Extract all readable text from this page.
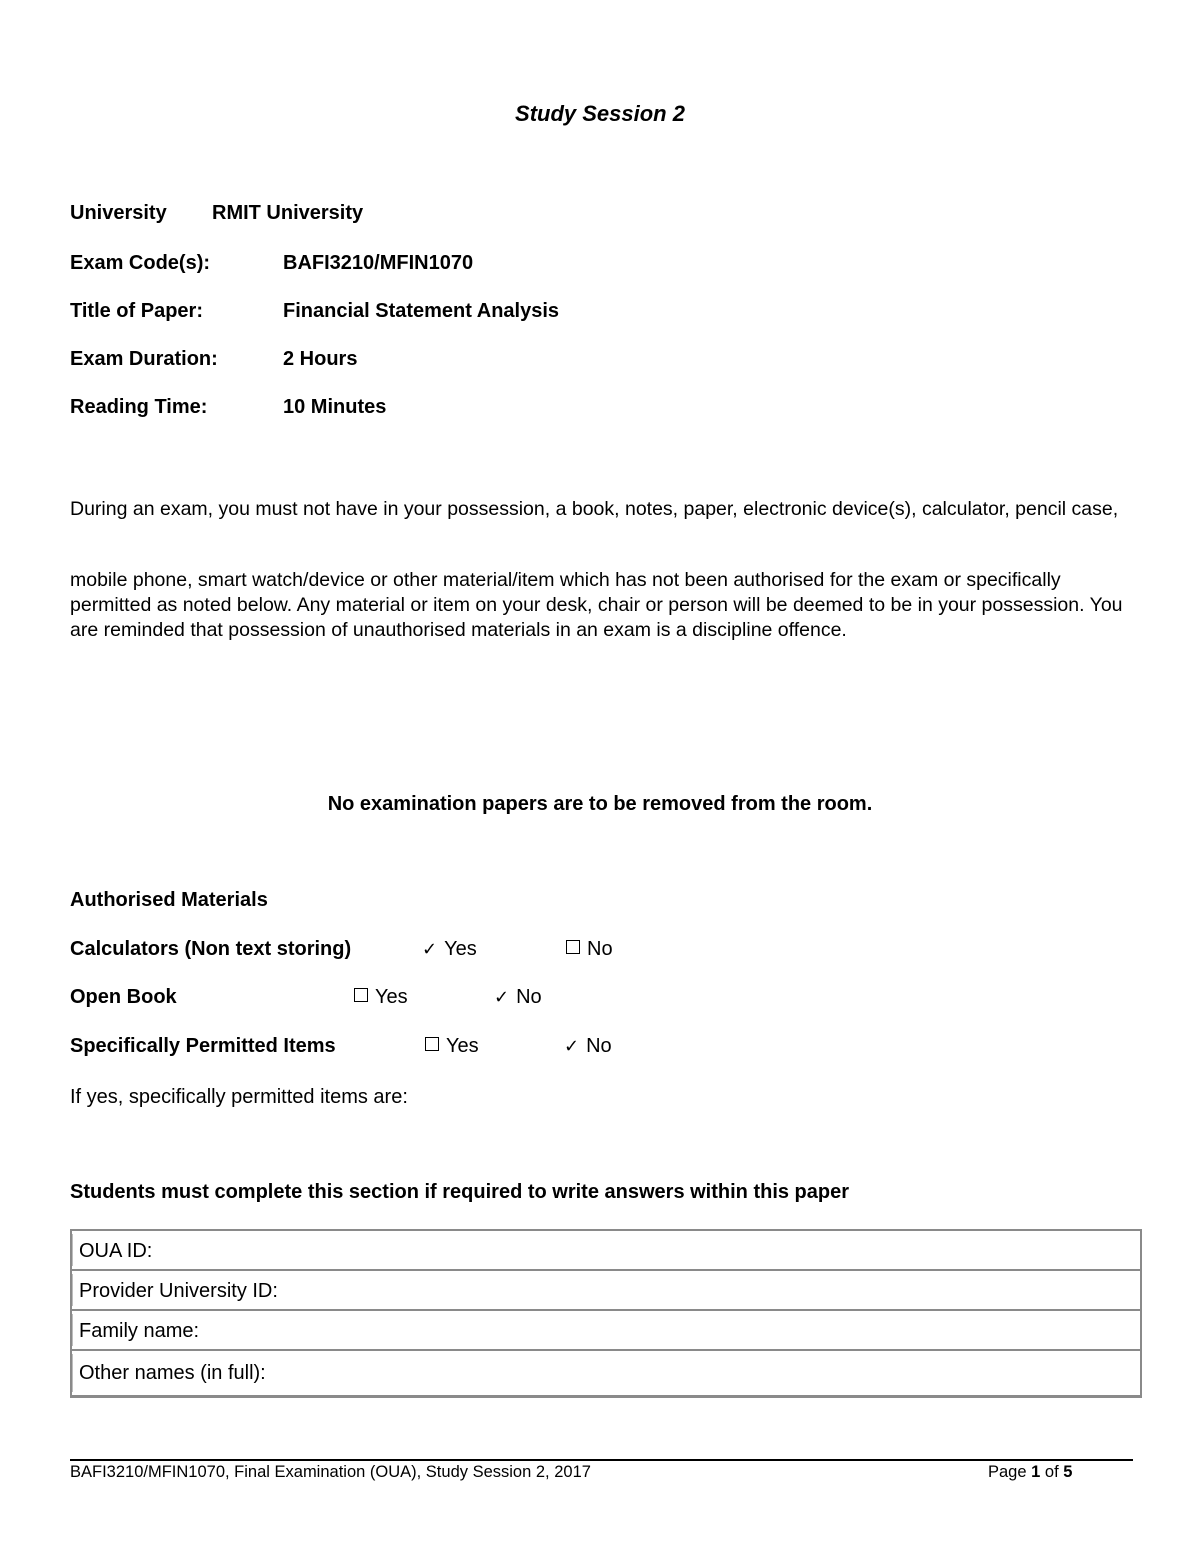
Study Session 2
University RMIT University
Exam Code(s):	BAFI3210/MFIN1070
Title of Paper:	Financial Statement Analysis
Exam Duration:	2 Hours
Reading Time:	10 Minutes
During an exam, you must not have in your possession, a book, notes, paper, electronic device(s), calculator, pencil case,
mobile phone, smart watch/device or other material/item which has not been authorised for the exam or specifically permitted as noted below. Any material or item on your desk, chair or person will be deemed to be in your possession. You are reminded that possession of unauthorised materials in an exam is a discipline offence.
No examination papers are to be removed from the room.
Authorised Materials
Calculators (Non text storing)	✓ Yes	No
Open Book	Yes	✓ No
Specifically Permitted Items	Yes	✓ No
If yes, specifically permitted items are:
Students must complete this section if required to write answers within this paper
OUA ID:
Provider University ID:
Family name:
Other names (in full):
BAFI3210/MFIN1070, Final Examination (OUA), Study Session 2, 2017	Page 1 of 5
